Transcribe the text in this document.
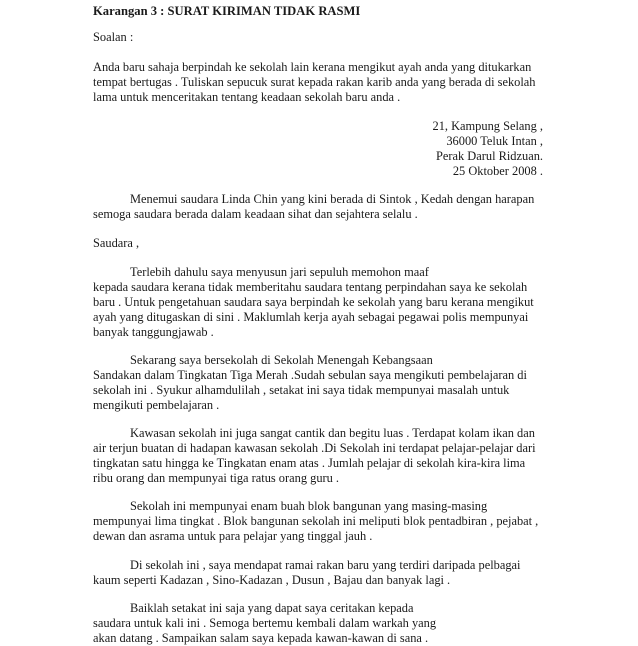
Karangan 3 : SURAT KIRIMAN TIDAK RASMI
Soalan :
Anda baru sahaja berpindah ke sekolah lain kerana mengikut ayah anda yang ditukarkan
tempat bertugas . Tuliskan sepucuk surat kepada rakan karib anda yang berada di sekolah
lama untuk menceritakan tentang keadaan sekolah baru anda .
21, Kampung Selang ,
36000 Teluk Intan ,
Perak Darul Ridzuan.
25 Oktober 2008 .
Menemui saudara Linda Chin yang kini berada di Sintok , Kedah dengan harapan
semoga saudara berada dalam keadaan sihat dan sejahtera selalu .
Saudara ,
Terlebih dahulu saya menyusun jari sepuluh memohon maaf
kepada saudara kerana tidak memberitahu saudara tentang perpindahan saya ke sekolah
baru . Untuk pengetahuan saudara saya berpindah ke sekolah yang baru kerana mengikut
ayah yang ditugaskan di sini . Maklumlah kerja ayah sebagai pegawai polis mempunyai
banyak tanggungjawab .
Sekarang saya bersekolah di Sekolah Menengah Kebangsaan
Sandakan dalam Tingkatan Tiga Merah .Sudah sebulan saya mengikuti pembelajaran di
sekolah ini . Syukur alhamdulilah , setakat ini saya tidak mempunyai masalah untuk
mengikuti pembelajaran .
Kawasan sekolah ini juga sangat cantik dan begitu luas . Terdapat kolam ikan dan
air terjun buatan di hadapan kawasan sekolah .Di Sekolah ini terdapat pelajar-pelajar dari
tingkatan satu hingga ke Tingkatan enam atas . Jumlah pelajar di sekolah kira-kira lima
ribu orang dan mempunyai tiga ratus orang guru .
Sekolah ini mempunyai enam buah blok bangunan yang masing-masing
mempunyai lima tingkat . Blok bangunan sekolah ini meliputi blok pentadbiran , pejabat ,
dewan dan asrama untuk para pelajar yang tinggal jauh .
Di sekolah ini , saya mendapat ramai rakan baru yang terdiri daripada pelbagai
kaum seperti Kadazan , Sino-Kadazan , Dusun , Bajau dan banyak lagi .
Baiklah setakat ini saja yang dapat saya ceritakan kepada
saudara untuk kali ini . Semoga bertemu kembali dalam warkah yang
akan datang . Sampaikan salam saya kepada kawan-kawan di sana .
